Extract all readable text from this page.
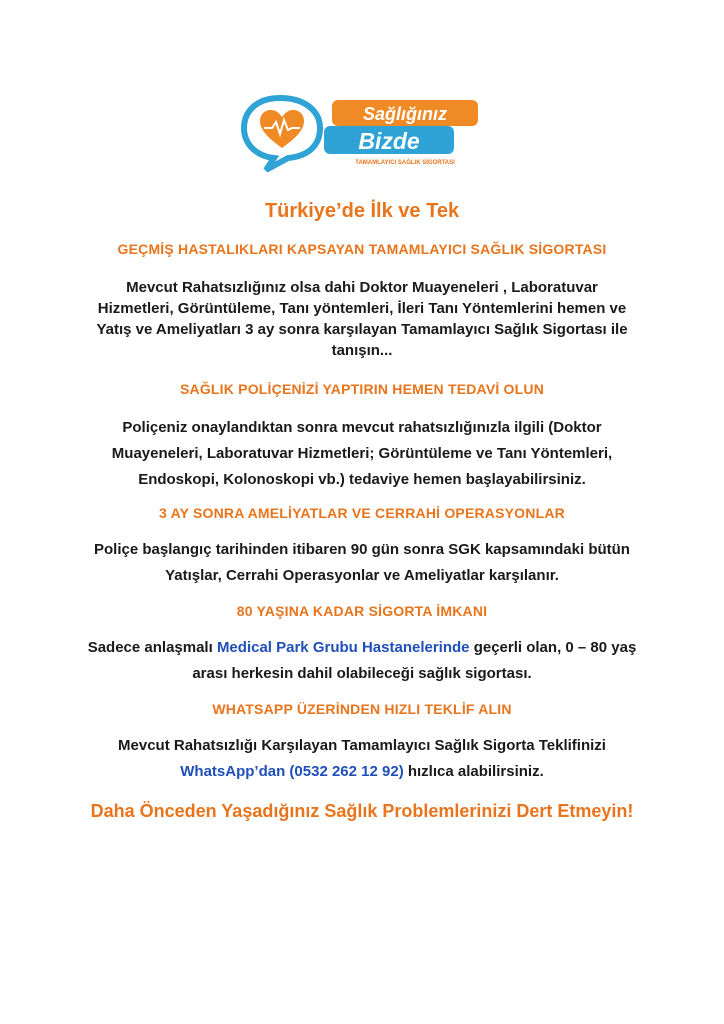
Sağlığınız
Bizde
TAMAMLAYICI SAĞLIK SİGORTASI
Türkiye’de İlk ve Tek
GEÇMİŞ HASTALIKLARI KAPSAYAN TAMAMLAYICI SAĞLIK SİGORTASI
Mevcut Rahatsızlığınız olsa dahi Doktor Muayeneleri , Laboratuvar
Hizmetleri, Görüntüleme, Tanı yöntemleri, İleri Tanı Yöntemlerini hemen ve
Yatış ve Ameliyatları 3 ay sonra karşılayan Tamamlayıcı Sağlık Sigortası ile
tanışın...
SAĞLIK POLİÇENİZİ YAPTIRIN HEMEN TEDAVİ OLUN
Poliçeniz onaylandıktan sonra mevcut rahatsızlığınızla ilgili (Doktor
Muayeneleri, Laboratuvar Hizmetleri; Görüntüleme ve Tanı Yöntemleri,
Endoskopi, Kolonoskopi vb.) tedaviye hemen başlayabilirsiniz.
3 AY SONRA AMELİYATLAR VE CERRAHİ OPERASYONLAR
Poliçe başlangıç tarihinden itibaren 90 gün sonra SGK kapsamındaki bütün
Yatışlar, Cerrahi Operasyonlar ve Ameliyatlar karşılanır.
80 YAŞINA KADAR SİGORTA İMKANI
Sadece anlaşmalı Medical Park Grubu Hastanelerinde geçerli olan, 0 – 80 yaş
arası herkesin dahil olabileceği sağlık sigortası.
WHATSAPP ÜZERİNDEN HIZLI TEKLİF ALIN
Mevcut Rahatsızlığı Karşılayan Tamamlayıcı Sağlık Sigorta Teklifinizi
WhatsApp’dan (0532 262 12 92) hızlıca alabilirsiniz.
Daha Önceden Yaşadığınız Sağlık Problemlerinizi Dert Etmeyin!
